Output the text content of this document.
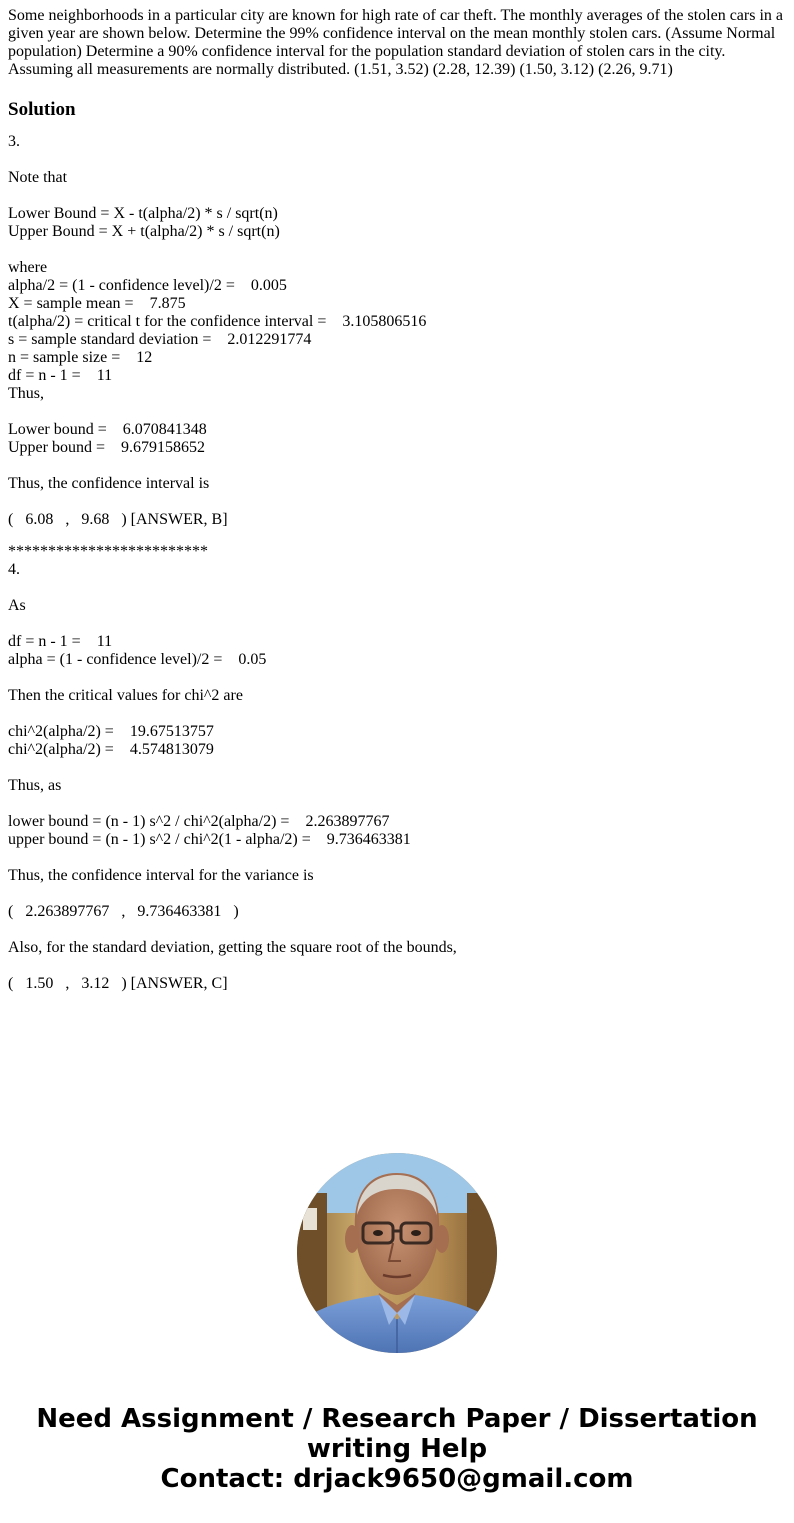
Some neighborhoods in a particular city are known for high rate of car theft. The monthly averages of the stolen cars in a given year are shown below. Determine the 99% confidence interval on the mean monthly stolen cars. (Assume Normal population) Determine a 90% confidence interval for the population standard deviation of stolen cars in the city. Assuming all measurements are normally distributed. (1.51, 3.52) (2.28, 12.39) (1.50, 3.12) (2.26, 9.71)

Solution
3.
Note that
Lower Bound = X - t(alpha/2) * s / sqrt(n)
Upper Bound = X + t(alpha/2) * s / sqrt(n)
where
alpha/2 = (1 - confidence level)/2 =    0.005
X = sample mean =    7.875
t(alpha/2) = critical t for the confidence interval =    3.105806516
s = sample standard deviation =    2.012291774
n = sample size =    12
df = n - 1 =    11
Thus,
Lower bound =    6.070841348
Upper bound =    9.679158652
Thus, the confidence interval is
(   6.08   ,   9.68   ) [ANSWER, B]
*************************
4.
As
df = n - 1 =    11
alpha = (1 - confidence level)/2 =    0.05
Then the critical values for chi^2 are
chi^2(alpha/2) =    19.67513757
chi^2(alpha/2) =    4.574813079
Thus, as
lower bound = (n - 1) s^2 / chi^2(alpha/2) =    2.263897767
upper bound = (n - 1) s^2 / chi^2(1 - alpha/2) =    9.736463381
Thus, the confidence interval for the variance is
(   2.263897767   ,   9.736463381   )
Also, for the standard deviation, getting the square root of the bounds,
(   1.50   ,   3.12   ) [ANSWER, C]
Need Assignment / Research Paper / Dissertation
writing Help
Contact: drjack9650@gmail.com
